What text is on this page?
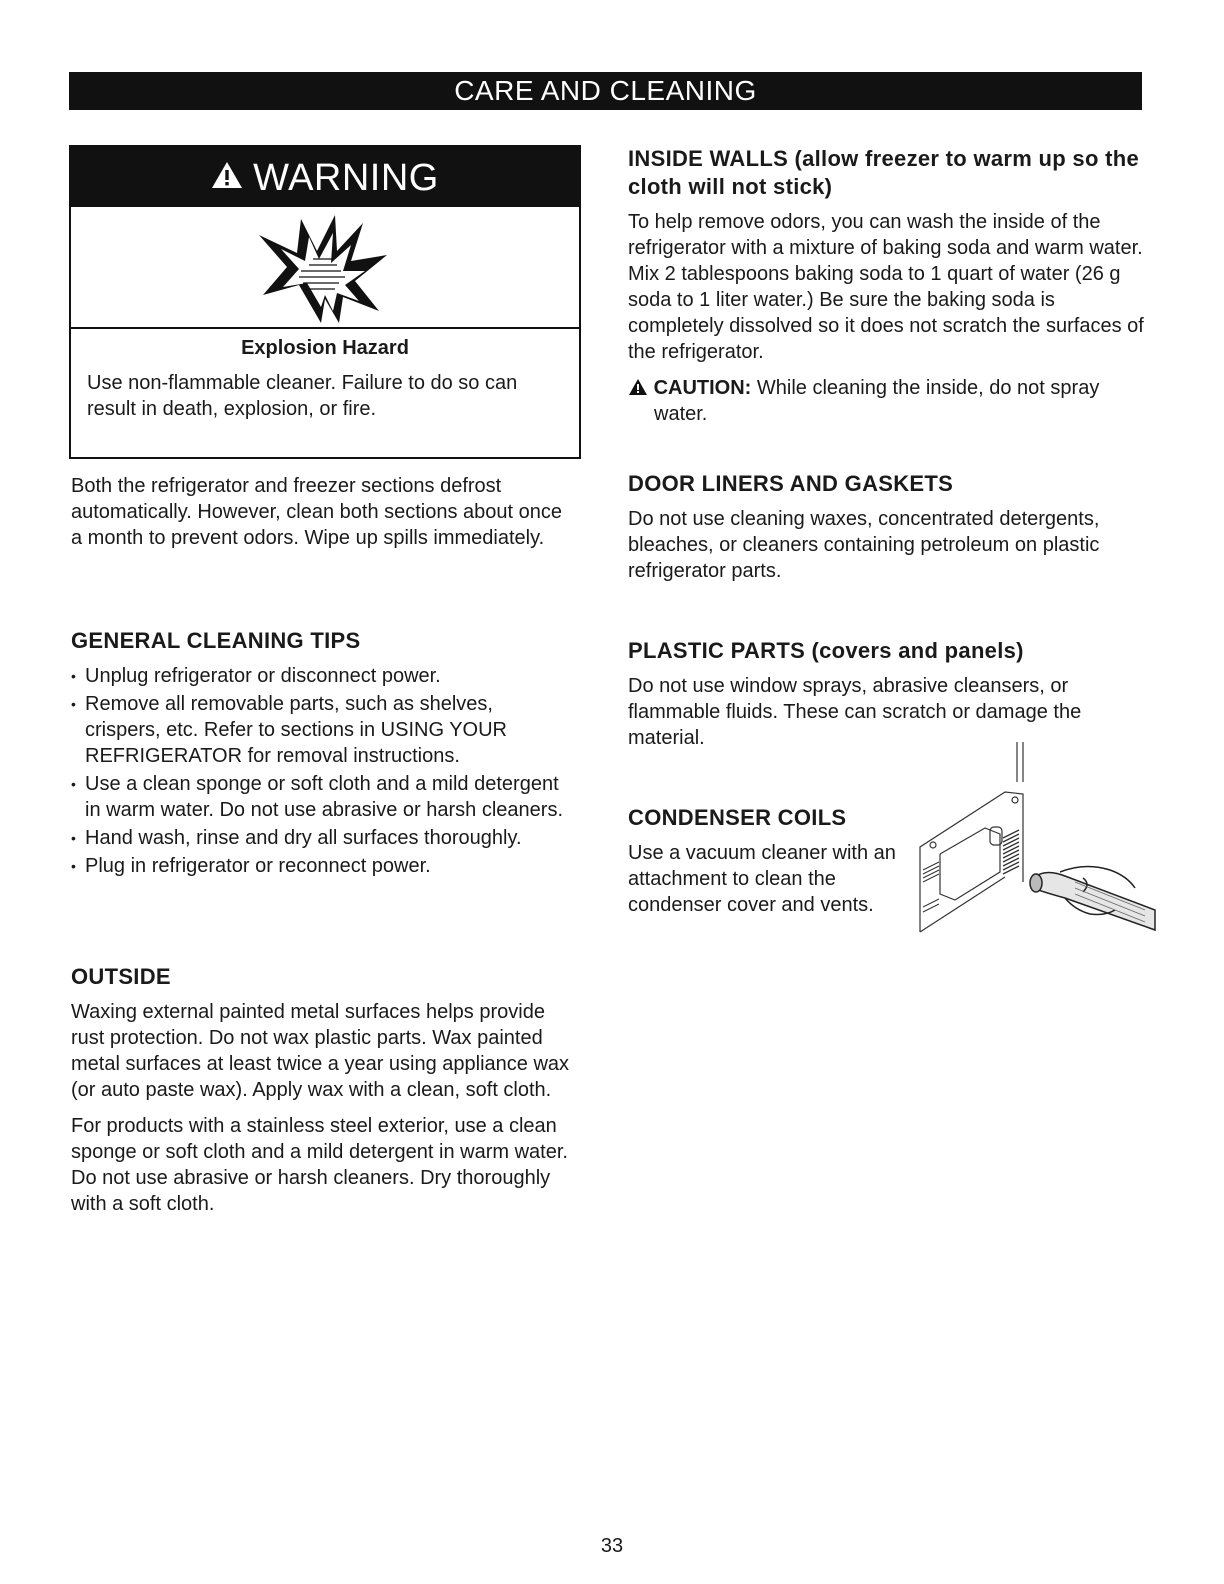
CARE AND CLEANING
WARNING
Explosion Hazard
Use non-flammable cleaner. Failure to do so can result in death, explosion, or fire.

Both the refrigerator and freezer sections defrost automatically. However, clean both sections about once a month to prevent odors. Wipe up spills immediately.

GENERAL CLEANING TIPS
• Unplug refrigerator or disconnect power.
• Remove all removable parts, such as shelves, crispers, etc. Refer to sections in USING YOUR REFRIGERATOR for removal instructions.
• Use a clean sponge or soft cloth and a mild detergent in warm water. Do not use abrasive or harsh cleaners.
• Hand wash, rinse and dry all surfaces thoroughly.
• Plug in refrigerator or reconnect power.
OUTSIDE

Waxing external painted metal surfaces helps provide rust protection. Do not wax plastic parts. Wax painted metal surfaces at least twice a year using appliance wax (or auto paste wax). Apply wax with a clean, soft cloth.

For products with a stainless steel exterior, use a clean sponge or soft cloth and a mild detergent in warm water. Do not use abrasive or harsh cleaners. Dry thoroughly with a soft cloth.

INSIDE WALLS (allow freezer to warm up so the cloth will not stick)

To help remove odors, you can wash the inside of the refrigerator with a mixture of baking soda and warm water. Mix 2 tablespoons baking soda to 1 quart of water (26 g soda to 1 liter water.) Be sure the baking soda is completely dissolved so it does not scratch the surfaces of the refrigerator.

CAUTION: While cleaning the inside, do not spray water.
DOOR LINERS AND GASKETS

Do not use cleaning waxes, concentrated detergents, bleaches, or cleaners containing petroleum on plastic refrigerator parts.

PLASTIC PARTS (covers and panels)

Do not use window sprays, abrasive cleansers, or flammable fluids. These can scratch or damage the material.

CONDENSER COILS

Use a vacuum cleaner with an attachment to clean the condenser cover and vents.

33
